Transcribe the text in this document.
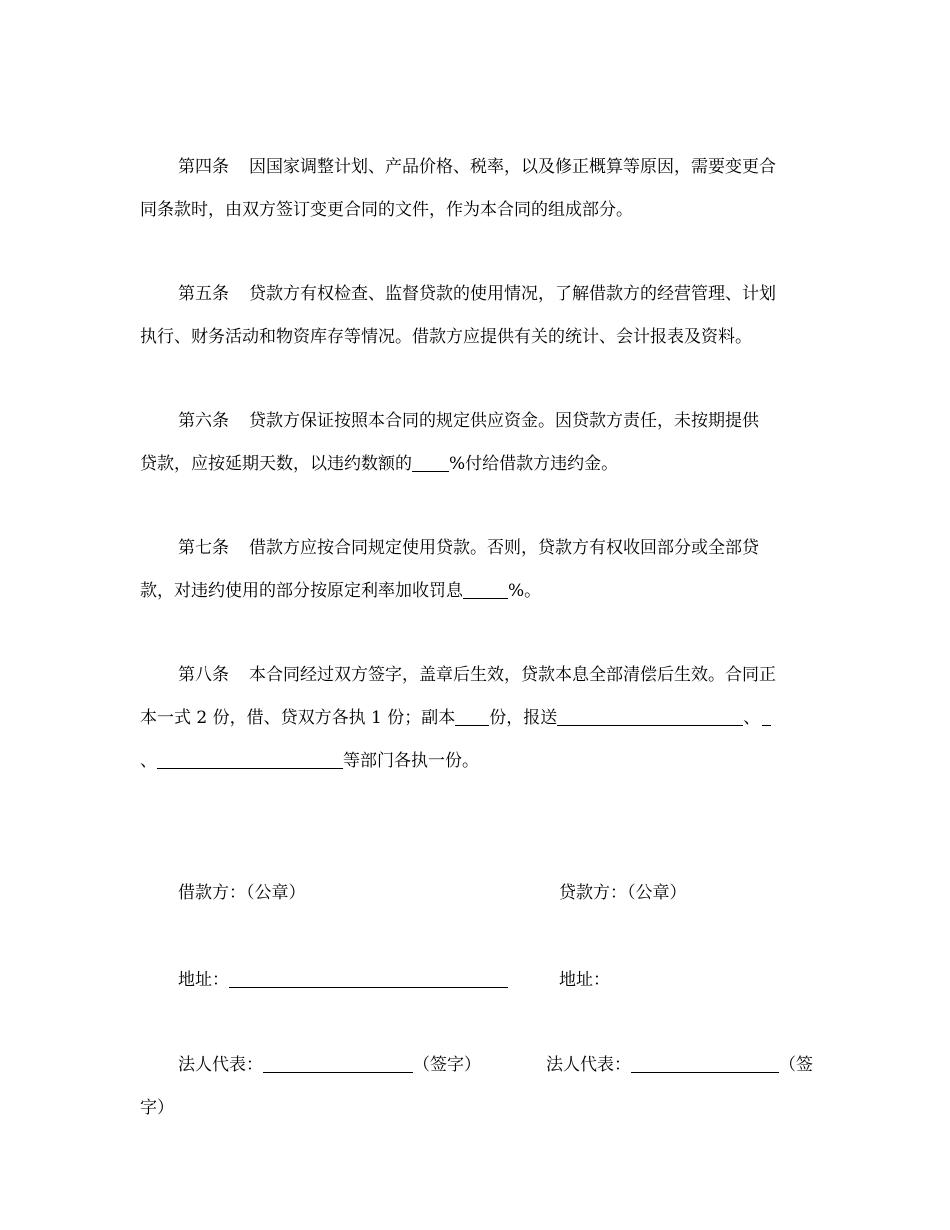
第四条 因国家调整计划、产品价格、税率，以及修正概算等原因，需要变更合
同条款时，由双方签订变更合同的文件，作为本合同的组成部分。
第五条 贷款方有权检查、监督贷款的使用情况，了解借款方的经营管理、计划
执行、财务活动和物资库存等情况。借款方应提供有关的统计、会计报表及资料。
第六条 贷款方保证按照本合同的规定供应资金。因贷款方责任，未按期提供
贷款，应按延期天数，以违约数额的 %付给借款方违约金。
第七条 借款方应按合同规定使用贷款。否则，贷款方有权收回部分或全部贷
款，对违约使用的部分按原定利率加收罚息	%。
第八条 本合同经过双方签字，盖章后生效，贷款本息全部清偿后生效。合同正
本一式 2 份，借、贷双方各执 1 份；副本 份，报送	、
、	等部门各执一份。
借款方：（公章）	贷款方：（公章）
地址：	地址：
法人代表：	（签字）	法人代表：	（签
字）
